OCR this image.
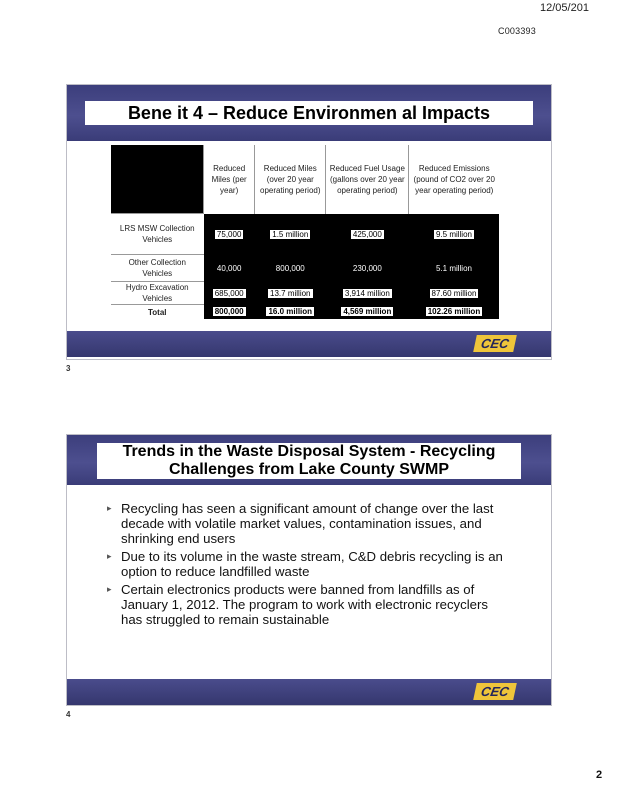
12/05/201
C003393
Bene it 4 – Reduce Environmen al Impacts
	Reduced Miles (per year)	Reduced Miles (over 20 year operating period)	Reduced Fuel Usage (gallons over 20 year operating period)	Reduced Emissions (pound of CO2 over 20 year operating period)
LRS MSW Collection Vehicles	75,000	1.5 million	425,000	9.5 million
Other Collection Vehicles	40,000	800,000	230,000	5.1 million
Hydro Excavation Vehicles	685,000	13.7 million	3,914 million	87.60 million
Total	800,000	16.0 million	4,569 million	102.26 million
CEC
3
Trends in the Waste Disposal System - Recycling Challenges from Lake County SWMP
▸ Recycling has seen a significant amount of change over the last decade with volatile market values, contamination issues, and shrinking end users
▸ Due to its volume in the waste stream, C&D debris recycling is an option to reduce landfilled waste
▸ Certain electronics products were banned from landfills as of January 1, 2012. The program to work with electronic recyclers has struggled to remain sustainable
CEC
4
2
